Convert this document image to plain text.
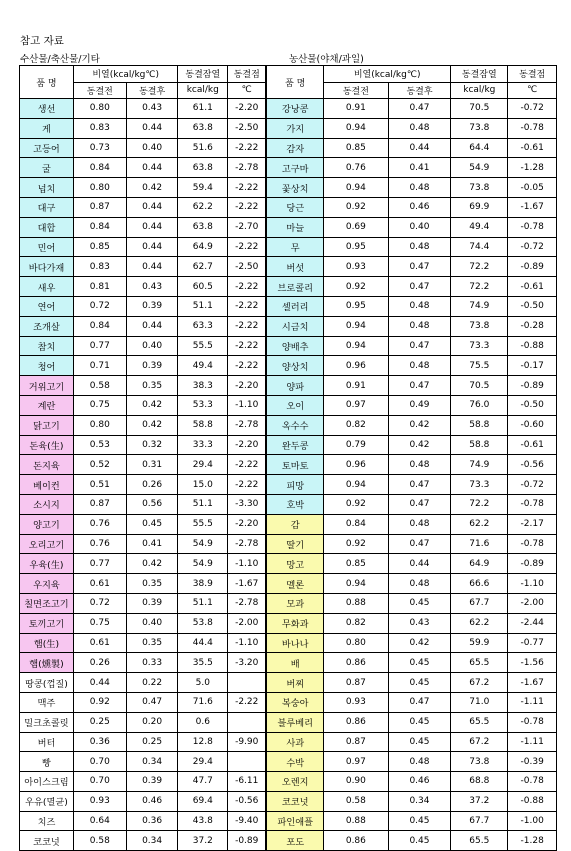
참고 자료
수산물/축산물/기타	농산물(야채/과일)
품 명	비열(kcal/kg℃)		동결잠열	동결점	품 명	비열(kcal/kg℃)		동결잠열	동결점
	동결전	동결후	kcal/kg	℃		동결전	동결후	kcal/kg	℃
생선	0.80	0.43	61.1	-2.20	강낭콩	0.91	0.47	70.5	-0.72
게	0.83	0.44	63.8	-2.50	가지	0.94	0.48	73.8	-0.78
고등어	0.73	0.40	51.6	-2.22	감자	0.85	0.44	64.4	-0.61
굴	0.84	0.44	63.8	-2.78	고구마	0.76	0.41	54.9	-1.28
넙치	0.80	0.42	59.4	-2.22	꽃상치	0.94	0.48	73.8	-0.05
대구	0.87	0.44	62.2	-2.22	당근	0.92	0.46	69.9	-1.67
대합	0.84	0.44	63.8	-2.70	마늘	0.69	0.40	49.4	-0.78
민어	0.85	0.44	64.9	-2.22	무	0.95	0.48	74.4	-0.72
바다가재	0.83	0.44	62.7	-2.50	버섯	0.93	0.47	72.2	-0.89
새우	0.81	0.43	60.5	-2.22	브로콜리	0.92	0.47	72.2	-0.61
연어	0.72	0.39	51.1	-2.22	셀러리	0.95	0.48	74.9	-0.50
조개살	0.84	0.44	63.3	-2.22	시금치	0.94	0.48	73.8	-0.28
참치	0.77	0.40	55.5	-2.22	양배추	0.94	0.47	73.3	-0.88
청어	0.71	0.39	49.4	-2.22	양상치	0.96	0.48	75.5	-0.17
거위고기	0.58	0.35	38.3	-2.20	양파	0.91	0.47	70.5	-0.89
계란	0.75	0.42	53.3	-1.10	오이	0.97	0.49	76.0	-0.50
닭고기	0.80	0.42	58.8	-2.78	옥수수	0.82	0.42	58.8	-0.60
돈육(生)	0.53	0.32	33.3	-2.20	완두콩	0.79	0.42	58.8	-0.61
돈지육	0.52	0.31	29.4	-2.22	토마토	0.96	0.48	74.9	-0.56
베이컨	0.51	0.26	15.0	-2.22	피망	0.94	0.47	73.3	-0.72
소시지	0.87	0.56	51.1	-3.30	호박	0.92	0.47	72.2	-0.78
양고기	0.76	0.45	55.5	-2.20	감	0.84	0.48	62.2	-2.17
오리고기	0.76	0.41	54.9	-2.78	딸기	0.92	0.47	71.6	-0.78
우육(生)	0.77	0.42	54.9	-1.10	망고	0.85	0.44	64.9	-0.89
우지육	0.61	0.35	38.9	-1.67	멜론	0.94	0.48	66.6	-1.10
칠면조고기	0.72	0.39	51.1	-2.78	모과	0.88	0.45	67.7	-2.00
토끼고기	0.75	0.40	53.8	-2.00	무화과	0.82	0.43	62.2	-2.44
햄(生)	0.61	0.35	44.4	-1.10	바나나	0.80	0.42	59.9	-0.77
햄(燻製)	0.26	0.33	35.5	-3.20	배	0.86	0.45	65.5	-1.56
땅콩(껍질)	0.44	0.22	5.0		버찌	0.87	0.45	67.2	-1.67
맥주	0.92	0.47	71.6	-2.22	복숭아	0.93	0.47	71.0	-1.11
밀크초콜릿	0.25	0.20	0.6		블루베리	0.86	0.45	65.5	-0.78
버터	0.36	0.25	12.8	-9.90	사과	0.87	0.45	67.2	-1.11
빵	0.70	0.34	29.4		수박	0.97	0.48	73.8	-0.39
아이스크림	0.70	0.39	47.7	-6.11	오렌지	0.90	0.46	68.8	-0.78
우유(멸균)	0.93	0.46	69.4	-0.56	코코넛	0.58	0.34	37.2	-0.88
치즈	0.64	0.36	43.8	-9.40	파인애플	0.88	0.45	67.7	-1.00
코코넛	0.58	0.34	37.2	-0.89	포도	0.86	0.45	65.5	-1.28
